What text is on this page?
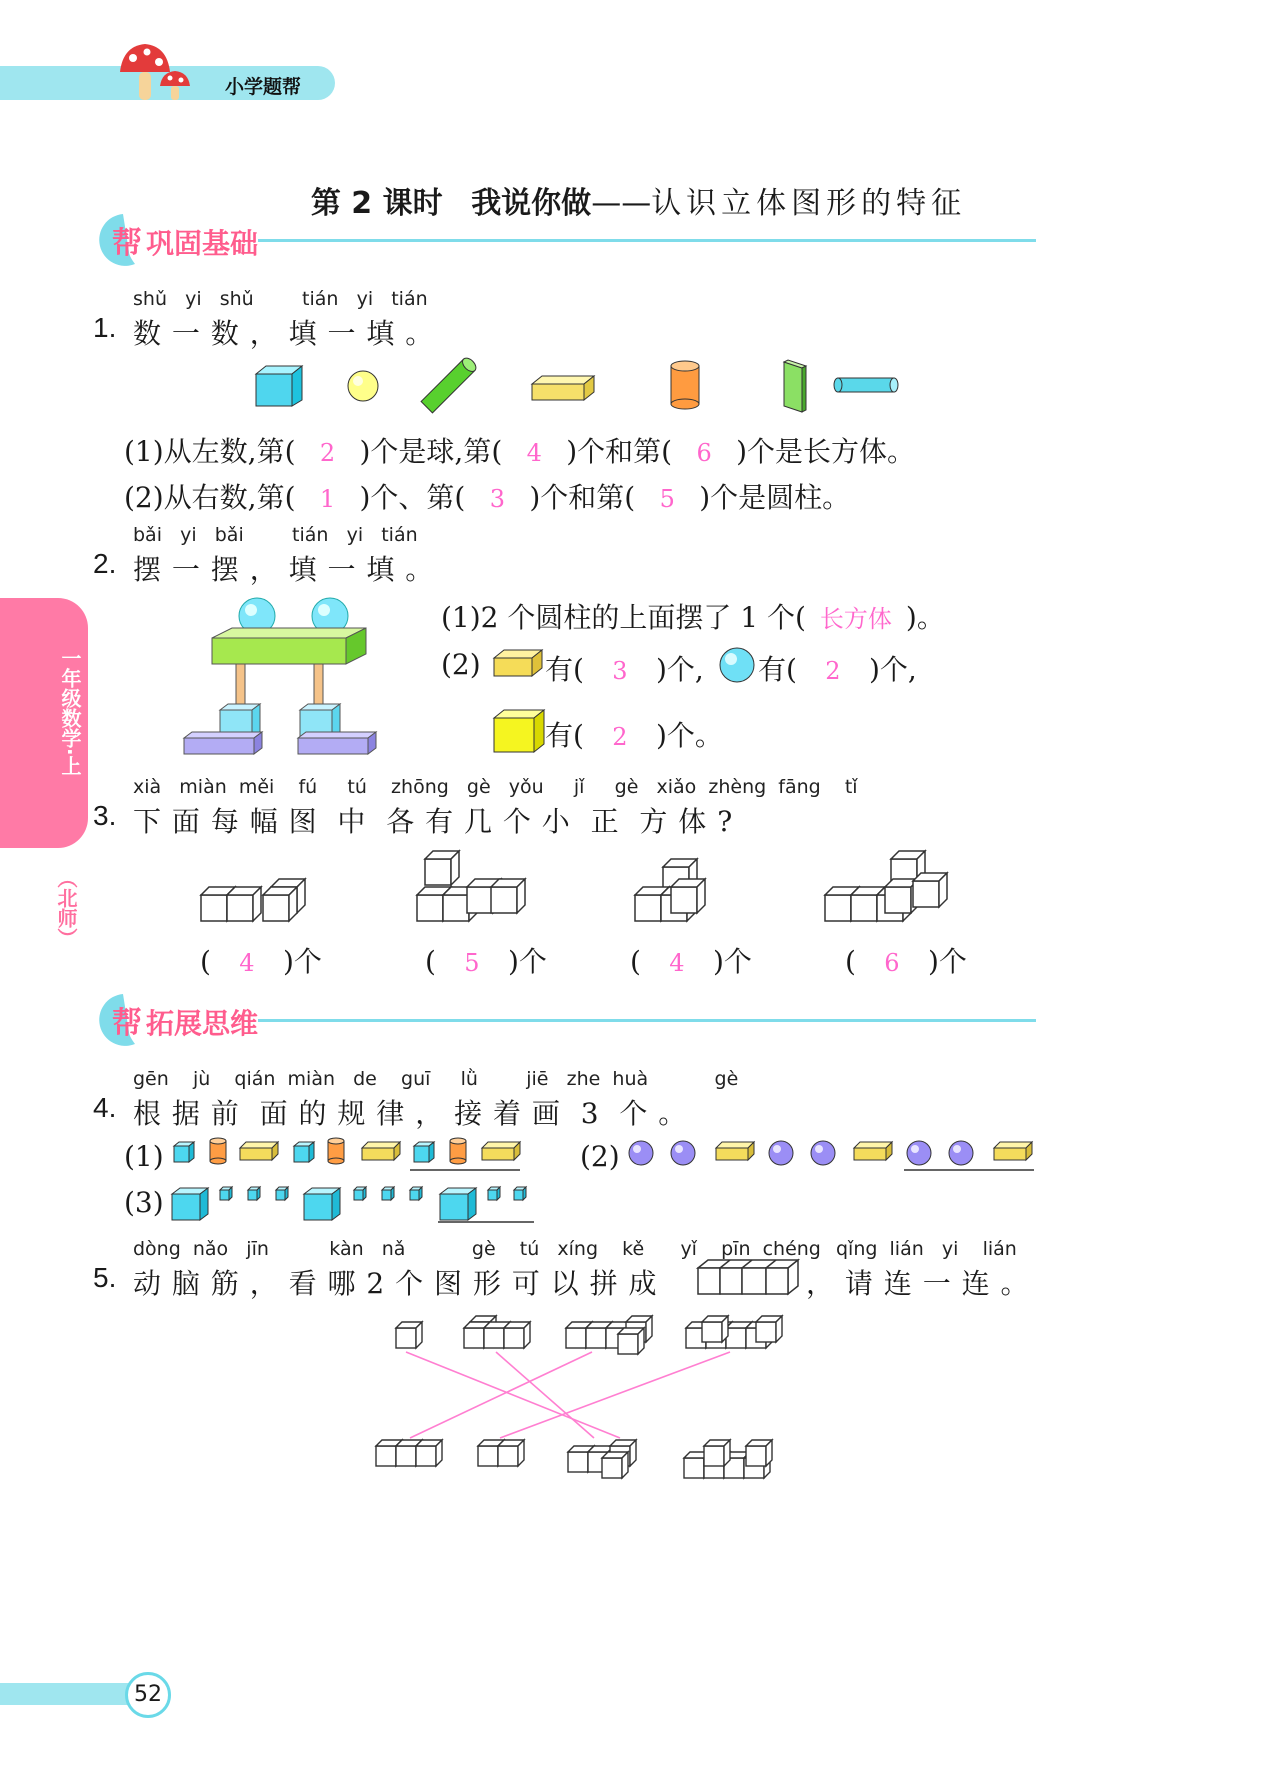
小学题帮
第 2 课时 我说你做——认识立体图形的特征
帮 巩固基础
一年级数学·上
（北师）
shǔ   yi   shǔ        tián   yi   tián
1. 数 一 数 ， 填 一 填 。
(1)从左数,第( 2 )个是球,第( 4 )个和第( 6 )个是长方体。
(2)从右数,第( 1 )个、第( 3 )个和第( 5 )个是圆柱。
bǎi   yi   bǎi        tián   yi   tián
2. 摆 一 摆 ， 填 一 填 。
(1)2 个圆柱的上面摆了 1 个( 长方体 )。
(2) 有( 3 )个, 有( 2 )个,
有( 2 )个。
xià   miàn  měi    fú     tú    zhōng   gè   yǒu     jǐ     gè   xiǎo  zhèng  fāng    tǐ
3. 下 面 每 幅 图  中  各 有 几 个 小  正  方 体 ?
( 4 )个	( 5 )个	( 4 )个	( 6 )个
帮 拓展思维
gēn    jù    qián  miàn   de    guī     lǜ        jiē   zhe  huà           gè
4. 根 据 前  面 的 规 律 ， 接 着 画  3  个 。
(1)	(2)
(3)
dòng  nǎo   jīn          kàn   nǎ           gè    tú   xíng    kě      yǐ    pīn  chéng qǐng  lián   yi    lián
5. 动 脑 筋 ， 看 哪 2 个 图 形 可 以 拼 成	， 请 连 一 连 。
52
